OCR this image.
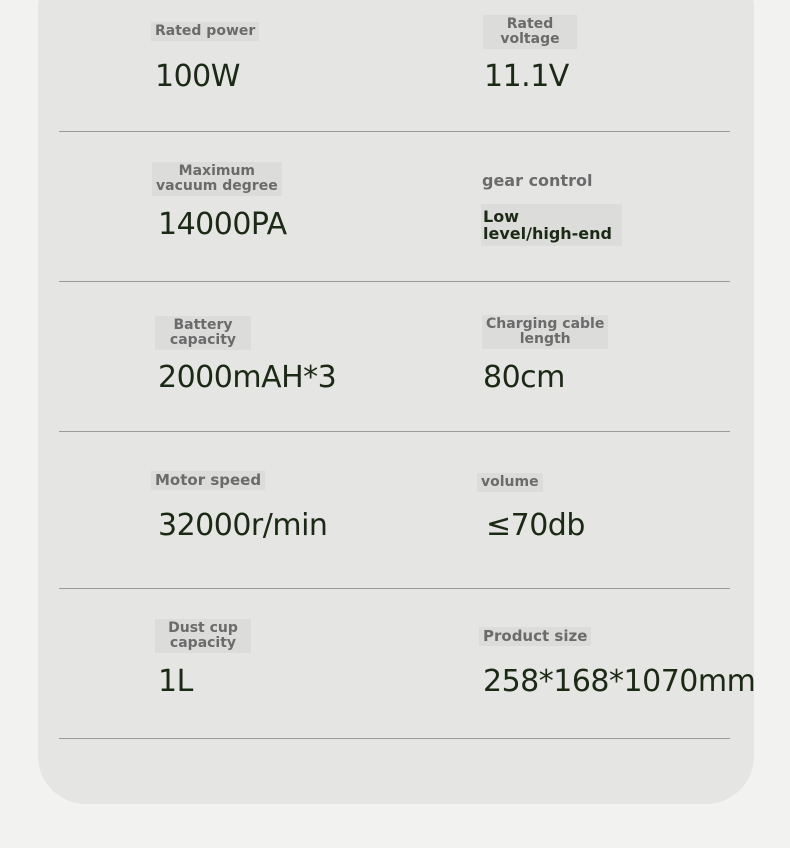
Rated power
100W
Rated
voltage
11.1V
Maximum
vacuum degree
14000PA
gear control
Low
level/high-end
Battery
capacity
2000mAH*3
Charging cable
length
80cm
Motor speed
32000r/min
volume
≤70db
Dust cup
capacity
1L
Product size
258*168*1070mm
